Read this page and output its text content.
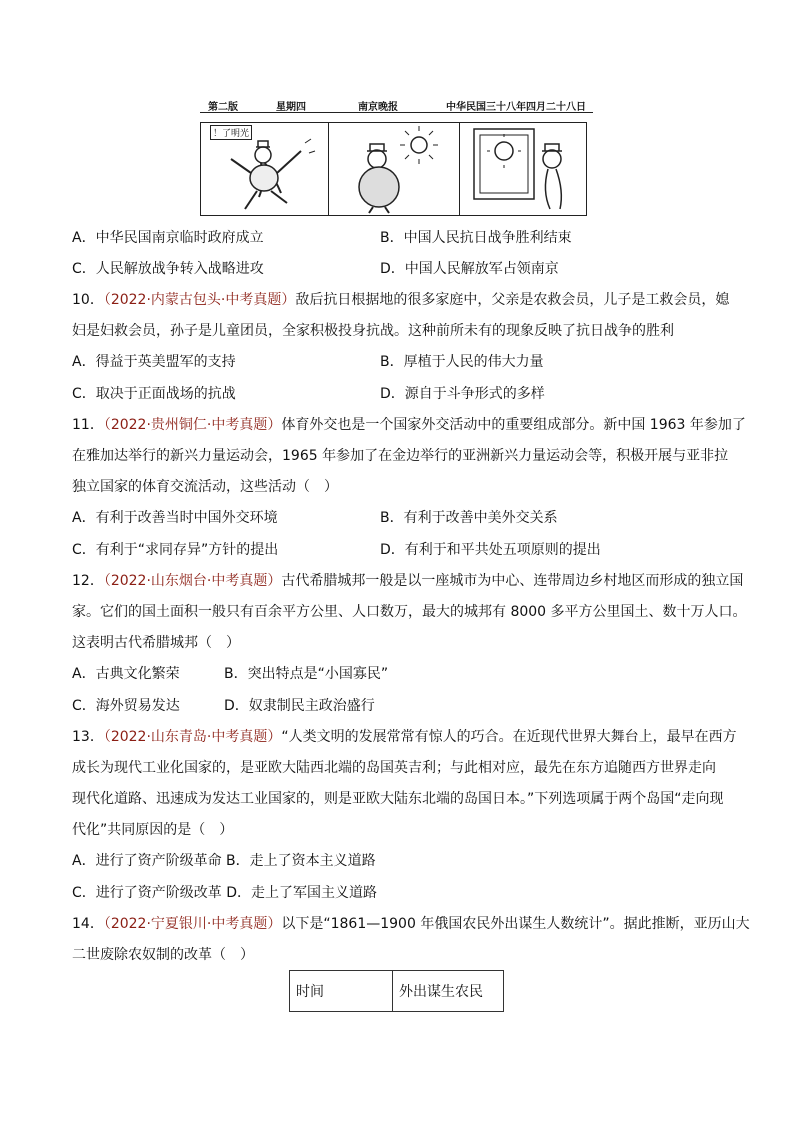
第二版	星期四	南京晚报	中华民国三十八年四月二十八日
！了明光
A．中华民国南京临时政府成立	B．中国人民抗日战争胜利结束
C．人民解放战争转入战略进攻	D．中国人民解放军占领南京
10．（2022·内蒙古包头·中考真题）敌后抗日根据地的很多家庭中，父亲是农救会员，儿子是工救会员，媳
妇是妇救会员，孙子是儿童团员，全家积极投身抗战。这种前所未有的现象反映了抗日战争的胜利
A．得益于英美盟军的支持	B．厚植于人民的伟大力量
C．取决于正面战场的抗战	D．源自于斗争形式的多样
11．（2022·贵州铜仁·中考真题）体育外交也是一个国家外交活动中的重要组成部分。新中国 1963 年参加了
在雅加达举行的新兴力量运动会，1965 年参加了在金边举行的亚洲新兴力量运动会等，积极开展与亚非拉
独立国家的体育交流活动，这些活动（　）
A．有利于改善当时中国外交环境	B．有利于改善中美外交关系
C．有利于“求同存异”方针的提出	D．有利于和平共处五项原则的提出
12．（2022·山东烟台·中考真题）古代希腊城邦一般是以一座城市为中心、连带周边乡村地区而形成的独立国
家。它们的国土面积一般只有百余平方公里、人口数万，最大的城邦有 8000 多平方公里国土、数十万人口。
这表明古代希腊城邦（　）
A．古典文化繁荣	B．突出特点是“小国寡民”
C．海外贸易发达	D．奴隶制民主政治盛行
13．（2022·山东青岛·中考真题）“人类文明的发展常常有惊人的巧合。在近现代世界大舞台上，最早在西方
成长为现代工业化国家的，是亚欧大陆西北端的岛国英吉利；与此相对应，最先在东方追随西方世界走向
现代化道路、迅速成为发达工业国家的，则是亚欧大陆东北端的岛国日本。”下列选项属于两个岛国“走向现
代化”共同原因的是（　）
A．进行了资产阶级革命 B．走上了资本主义道路
C．进行了资产阶级改革 D．走上了军国主义道路
14．（2022·宁夏银川·中考真题）以下是“1861—1900 年俄国农民外出谋生人数统计”。据此推断，亚历山大
二世废除农奴制的改革（　）
时间	外出谋生农民
